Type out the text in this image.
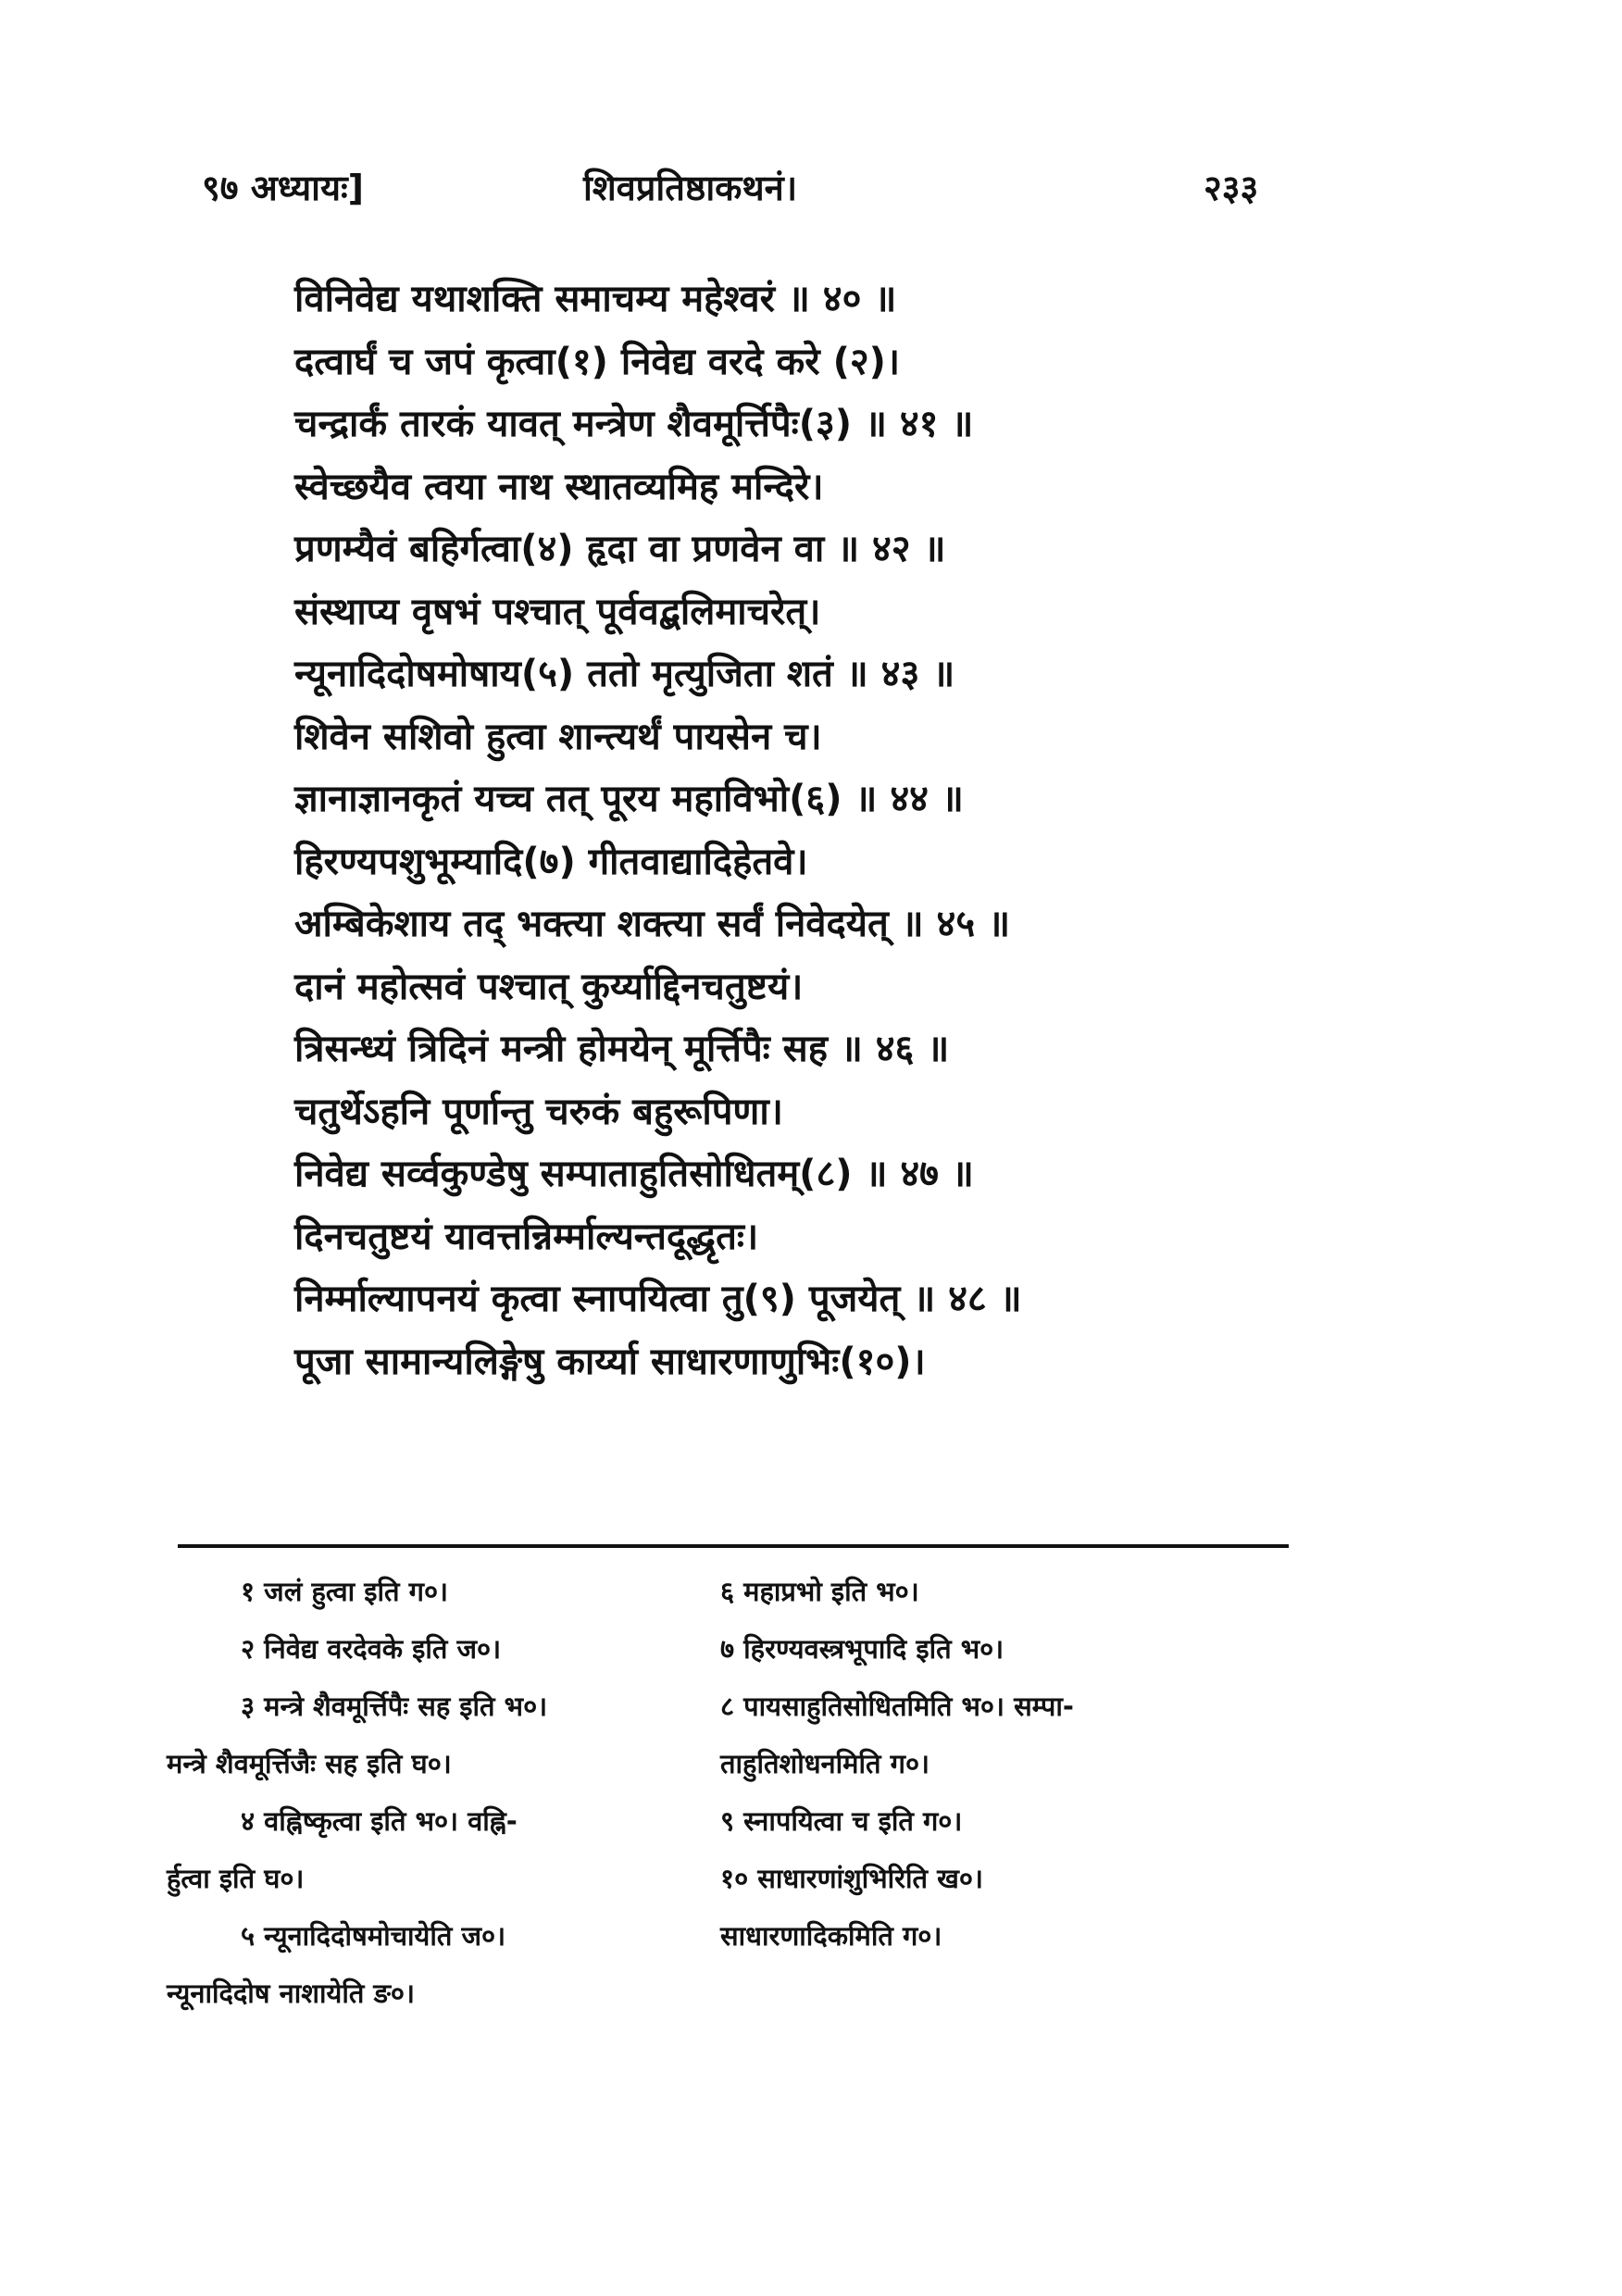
९७ अध्यायः]	शिवप्रतिष्ठाकथनं।	२३३
विनिवेद्य यथाशक्ति समाचम्य महेश्वरं ॥ ४० ॥
दत्वार्घं च जपं कृत्वा(१) निवेद्य वरदे करे (२)।
चन्द्रार्कं तारकं यावत् मन्त्रेण शैवमूर्त्तिपैः(३) ॥ ४१ ॥
स्वेच्छयैव त्वया नाथ स्थातव्यमिह मन्दिरे।
प्रणम्यैवं बहिर्गत्वा(४) हृदा वा प्रणवेन वा ॥ ४२ ॥
संस्थाप्य वृषभं पश्चात् पूर्ववद्बलिमाचरेत्।
न्यूनादिदोषमोषाय(५) ततो मृत्युजिता शतं ॥ ४३ ॥
शिवेन सशिवो हुत्वा शान्त्यर्थं पायसेन च।
ज्ञानाज्ञानकृतं यच्च तत् पूरय महाविभो(६) ॥ ४४ ॥
हिरण्यपशुभूम्यादि(७) गीतवाद्यादिहेतवे।
अम्बिकेशाय तद् भक्त्या शक्त्या सर्वं निवेदयेत् ॥ ४५ ॥
दानं महोत्सवं पश्चात् कुर्य्याद्दिनचतुष्टयं।
त्रिसन्ध्यं त्रिदिनं मन्त्री होमयेन् मूर्त्तिपैः सह ॥ ४६ ॥
चतुर्थेऽहनि पूर्णान्तु चरुकं बहुरूपिणा।
निवेद्य सर्व्वकुण्डेषु सम्पाताहुतिसोधितम्(८) ॥ ४७ ॥
दिनचतुष्टयं यावत्तन्निर्म्माल्यन्तदूद्धृतः।
निर्म्माल्यापनयं कृत्वा स्नापयित्वा तु(९) पूजयेत् ॥ ४८ ॥
पूजा सामान्यलिङ्गेषु कार्य्या साधारणाणुभिः(१०)।
१ जलं हुत्वा इति ग०।
२ निवेद्य वरदेवके इति ज०।
३ मन्त्रे शैवमूर्त्तिपैः सह इति भ०।
मन्त्रे शैवमूर्त्तिजैः सह इति घ०।
४ वह्निष्कृत्वा इति भ०। वह्नि-
र्हुत्वा इति घ०।
५ न्यूनादिदोषमोचायेति ज०।
न्यूनादिदोष नाशायेति ङ०।
६ महाप्रभो इति भ०।
७ हिरण्यवस्त्रभूपादि इति भ०।
८ पायसाहुतिसोधितमिति भ०। सम्पा-
ताहुतिशोधनमिति ग०।
९ स्नापयित्वा च इति ग०।
१० साधारणांशुभिरिति ख०।
साधारणादिकमिति ग०।
